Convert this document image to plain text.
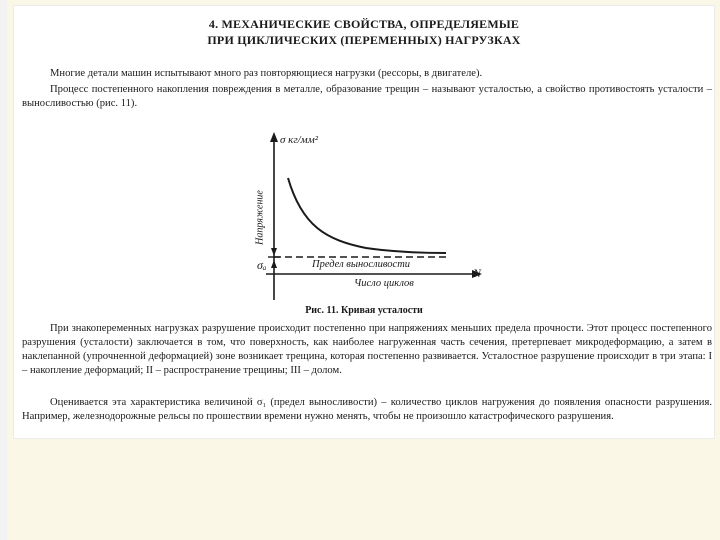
4. МЕХАНИЧЕСКИЕ СВОЙСТВА, ОПРЕДЕЛЯЕМЫЕ
ПРИ ЦИКЛИЧЕСКИХ (ПЕРЕМЕННЫХ) НАГРУЗКАХ
Многие детали машин испытывают много раз повторяющиеся нагрузки (рессоры, в двигателе).
Процесс постепенного накопления повреждения в металле, образование трещин – называют усталостью, а свойство противостоять усталости – выносливостью (рис. 11).
σ кг/мм²
Напряжение
σₐ	Предел выносливости
N
Число циклов
Рис. 11. Кривая усталости
При знакопеременных нагрузках разрушение происходит постепенно при напряжениях меньших предела прочности. Этот процесс постепенного разрушения (усталости) заключается в том, что поверхность, как наиболее нагруженная часть сечения, претерпевает микродеформацию, а затем в наклепанной (упрочненной деформацией) зоне возникает трещина, которая постепенно развивается. Усталостное разрушение происходит в три этапа: I – накопление деформаций; II – распространение трещины; III – долом.
Оценивается эта характеристика величиной σ₁ (предел выносливости) – количество циклов нагружения до появления опасности разрушения. Например, железнодорожные рельсы по прошествии времени нужно менять, чтобы не произошло катастрофического разрушения.
